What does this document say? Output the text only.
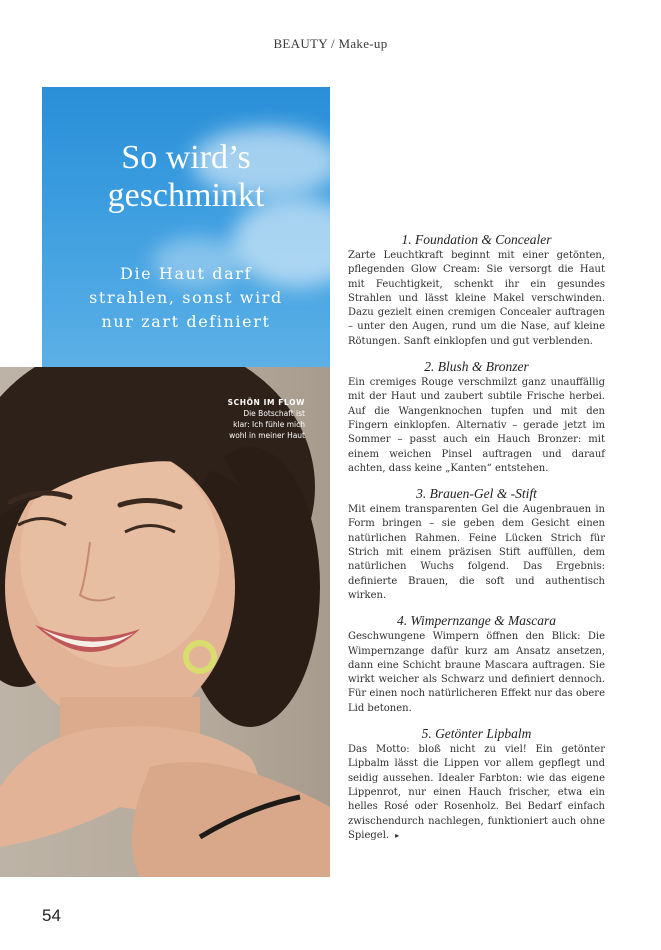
BEAUTY / Make-up
So wird’s
geschminkt
Die Haut darf
strahlen, sonst wird
nur zart definiert
SCHÖN IM FLOW
Die Botschaft ist
klar: Ich fühle mich
wohl in meiner Haut
1. Foundation & Concealer

Zarte Leuchtkraft beginnt mit einer getönten, pflegenden Glow Cream: Sie versorgt die Haut mit Feuchtigkeit, schenkt ihr ein gesundes Strahlen und lässt kleine Makel verschwinden. Dazu gezielt einen cremigen Concealer auftragen – unter den Augen, rund um die Nase, auf kleine Rötungen. Sanft einklopfen und gut verblenden.

2. Blush & Bronzer

Ein cremiges Rouge verschmilzt ganz unauffällig mit der Haut und zaubert subtile Frische herbei. Auf die Wangenknochen tupfen und mit den Fingern einklopfen. Alternativ – gerade jetzt im Sommer – passt auch ein Hauch Bronzer: mit einem weichen Pinsel auftragen und darauf achten, dass keine „Kanten“ entstehen.

3. Brauen-Gel & -Stift

Mit einem transparenten Gel die Augenbrauen in Form bringen – sie geben dem Gesicht einen natürlichen Rahmen. Feine Lücken Strich für Strich mit einem präzisen Stift auffüllen, dem natürlichen Wuchs folgend. Das Ergebnis: definierte Brauen, die soft und authentisch wirken.

4. Wimpernzange & Mascara

Geschwungene Wimpern öffnen den Blick: Die Wimpernzange dafür kurz am Ansatz ansetzen, dann eine Schicht braune Mascara auftragen. Sie wirkt weicher als Schwarz und definiert dennoch. Für einen noch natürlicheren Effekt nur das obere Lid betonen.

5. Getönter Lipbalm

Das Motto: bloß nicht zu viel! Ein getönter Lipbalm lässt die Lippen vor allem gepflegt und seidig aussehen. Idealer Farbton: wie das eigene Lippenrot, nur einen Hauch frischer, etwa ein helles Rosé oder Rosenholz. Bei Bedarf einfach zwischendurch nachlegen, funktioniert auch ohne Spiegel. ▸

54
